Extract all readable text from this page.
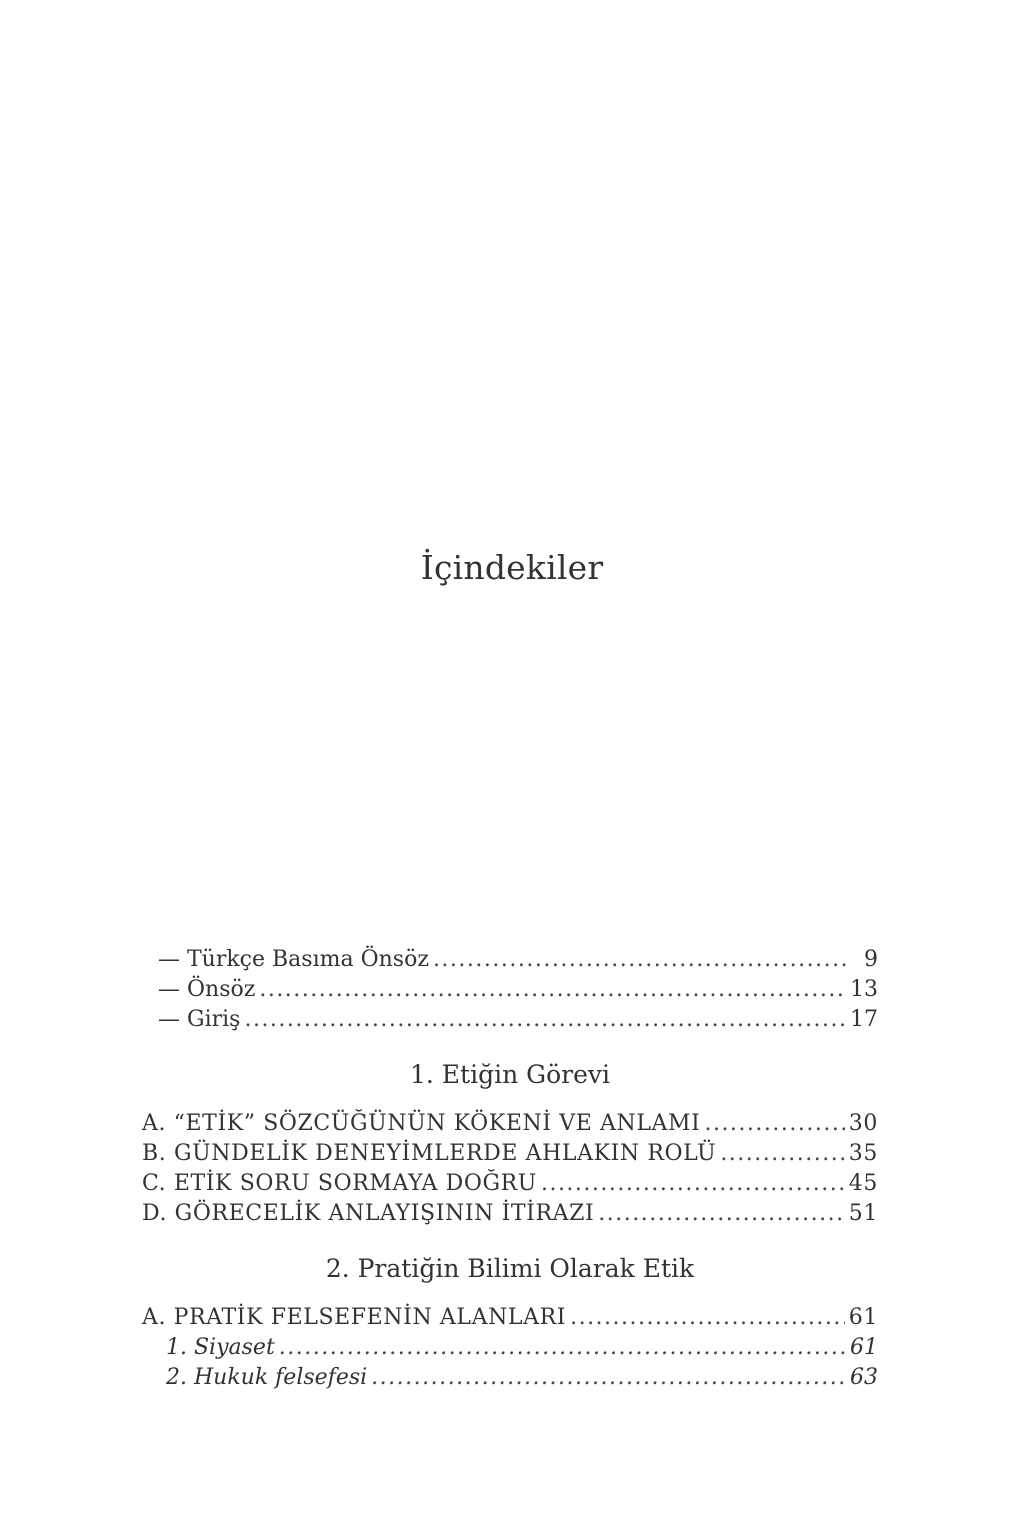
İçindekiler
— Türkçe Basıma Önsöz .....	9
— Önsöz .....	13
— Giriş .....	17
1. Etiğin Görevi
A. “ETİK” SÖZCÜĞÜNÜN KÖKENİ VE ANLAMI .....	30
B. GÜNDELİK DENEYİMLERDE AHLAKIN ROLÜ .....	35
C. ETİK SORU SORMAYA DOĞRU .....	45
D. GÖRECELİK ANLAYIŞININ İTİRAZI .....	51
2. Pratiğin Bilimi Olarak Etik
A. PRATİK FELSEFENİN ALANLARI .....	61
1. Siyaset .....	61
2. Hukuk felsefesi .....	63
